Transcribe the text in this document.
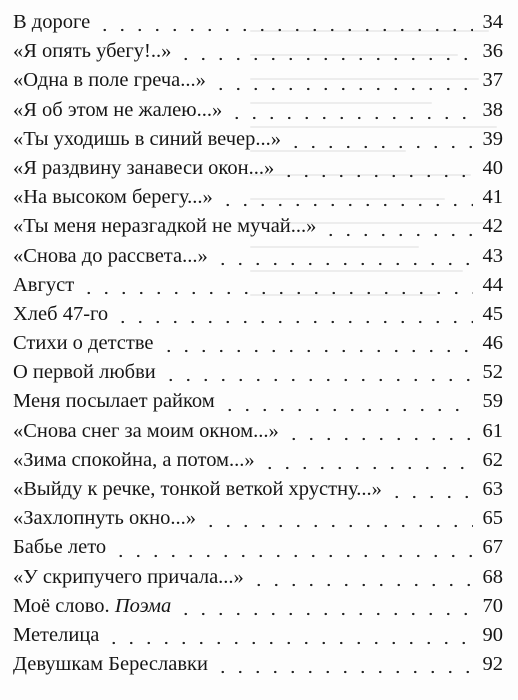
В дороге	34
«Я опять убегу!..»	36
«Одна в поле греча...»	37
«Я об этом не жалею...»	38
«Ты уходишь в синий вечер...»	39
«Я раздвину занавеси окон...»	40
«На высоком берегу...»	41
«Ты меня неразгадкой не мучай...»	42
«Снова до рассвета...»	43
Август	44
Хлеб 47-го	45
Стихи о детстве	46
О первой любви	52
Меня посылает райком	59
«Снова снег за моим окном...»	61
«Зима спокойна, а потом...»	62
«Выйду к речке, тонкой веткой хрустну...»	63
«Захлопнуть окно...»	65
Бабье лето	67
«У скрипучего причала...»	68
Моё слово. Поэма	70
Метелица	90
Девушкам Береславки	92
